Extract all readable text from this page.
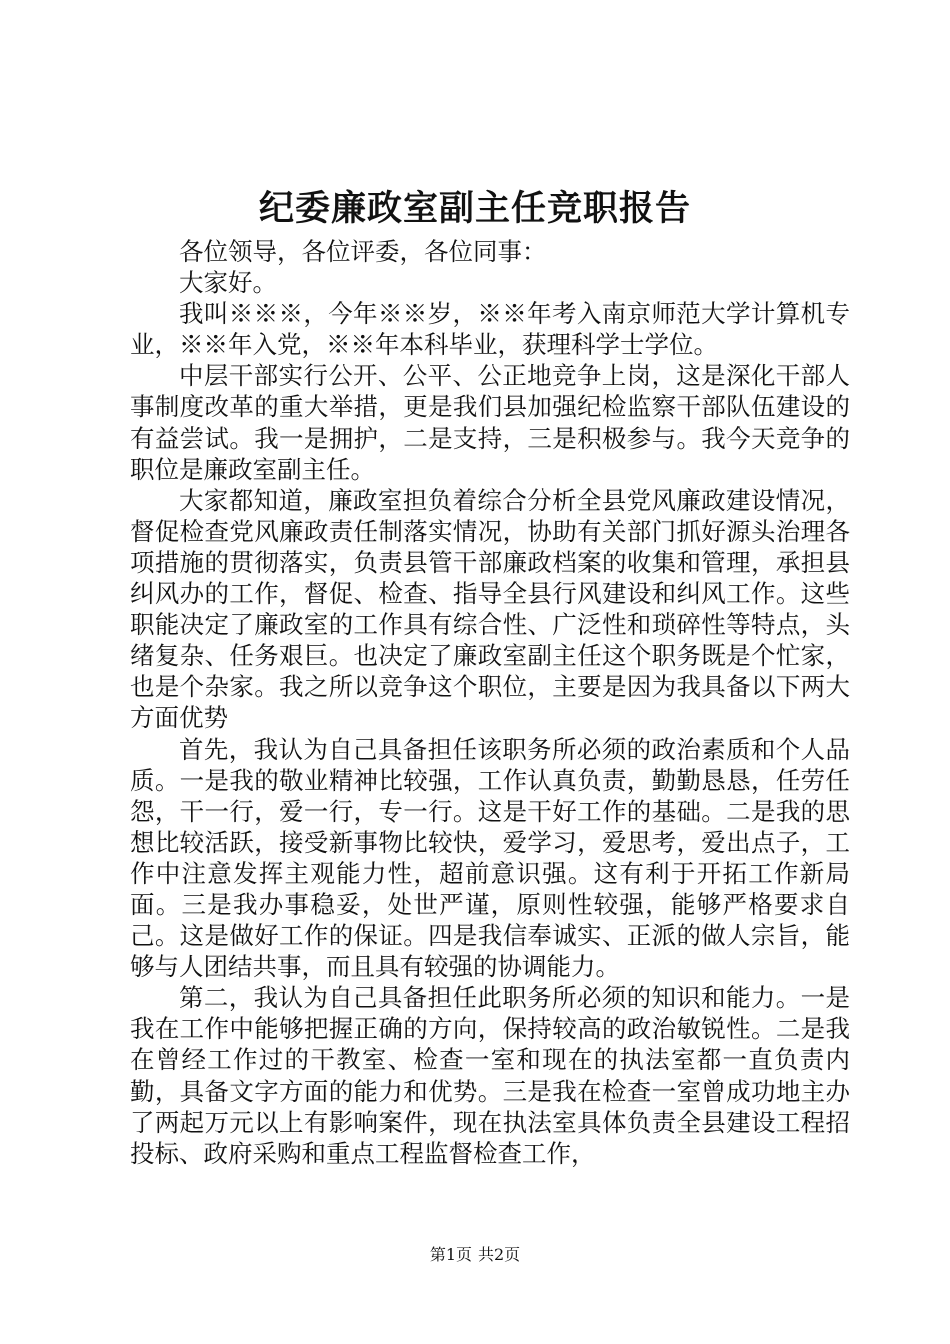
纪委廉政室副主任竞职报告

各位领导，各位评委，各位同事：

大家好。

我叫※※※，今年※※岁，※※年考入南京师范大学计算机专业，※※年入党，※※年本科毕业，获理科学士学位。

中层干部实行公开、公平、公正地竞争上岗，这是深化干部人事制度改革的重大举措，更是我们县加强纪检监察干部队伍建设的有益尝试。我一是拥护，二是支持，三是积极参与。我今天竞争的职位是廉政室副主任。

大家都知道，廉政室担负着综合分析全县党风廉政建设情况，督促检查党风廉政责任制落实情况，协助有关部门抓好源头治理各项措施的贯彻落实，负责县管干部廉政档案的收集和管理，承担县纠风办的工作，督促、检查、指导全县行风建设和纠风工作。这些职能决定了廉政室的工作具有综合性、广泛性和琐碎性等特点，头绪复杂、任务艰巨。也决定了廉政室副主任这个职务既是个忙家，也是个杂家。我之所以竞争这个职位，主要是因为我具备以下两大方面优势

首先，我认为自己具备担任该职务所必须的政治素质和个人品质。一是我的敬业精神比较强，工作认真负责，勤勤恳恳，任劳任怨，干一行，爱一行，专一行。这是干好工作的基础。二是我的思想比较活跃，接受新事物比较快，爱学习，爱思考，爱出点子，工作中注意发挥主观能力性，超前意识强。这有利于开拓工作新局面。三是我办事稳妥，处世严谨，原则性较强，能够严格要求自己。这是做好工作的保证。四是我信奉诚实、正派的做人宗旨，能够与人团结共事，而且具有较强的协调能力。

第二，我认为自己具备担任此职务所必须的知识和能力。一是我在工作中能够把握正确的方向，保持较高的政治敏锐性。二是我在曾经工作过的干教室、检查一室和现在的执法室都一直负责内勤，具备文字方面的能力和优势。三是我在检查一室曾成功地主办了两起万元以上有影响案件，现在执法室具体负责全县建设工程招投标、政府采购和重点工程监督检查工作，

第1页 共2页
